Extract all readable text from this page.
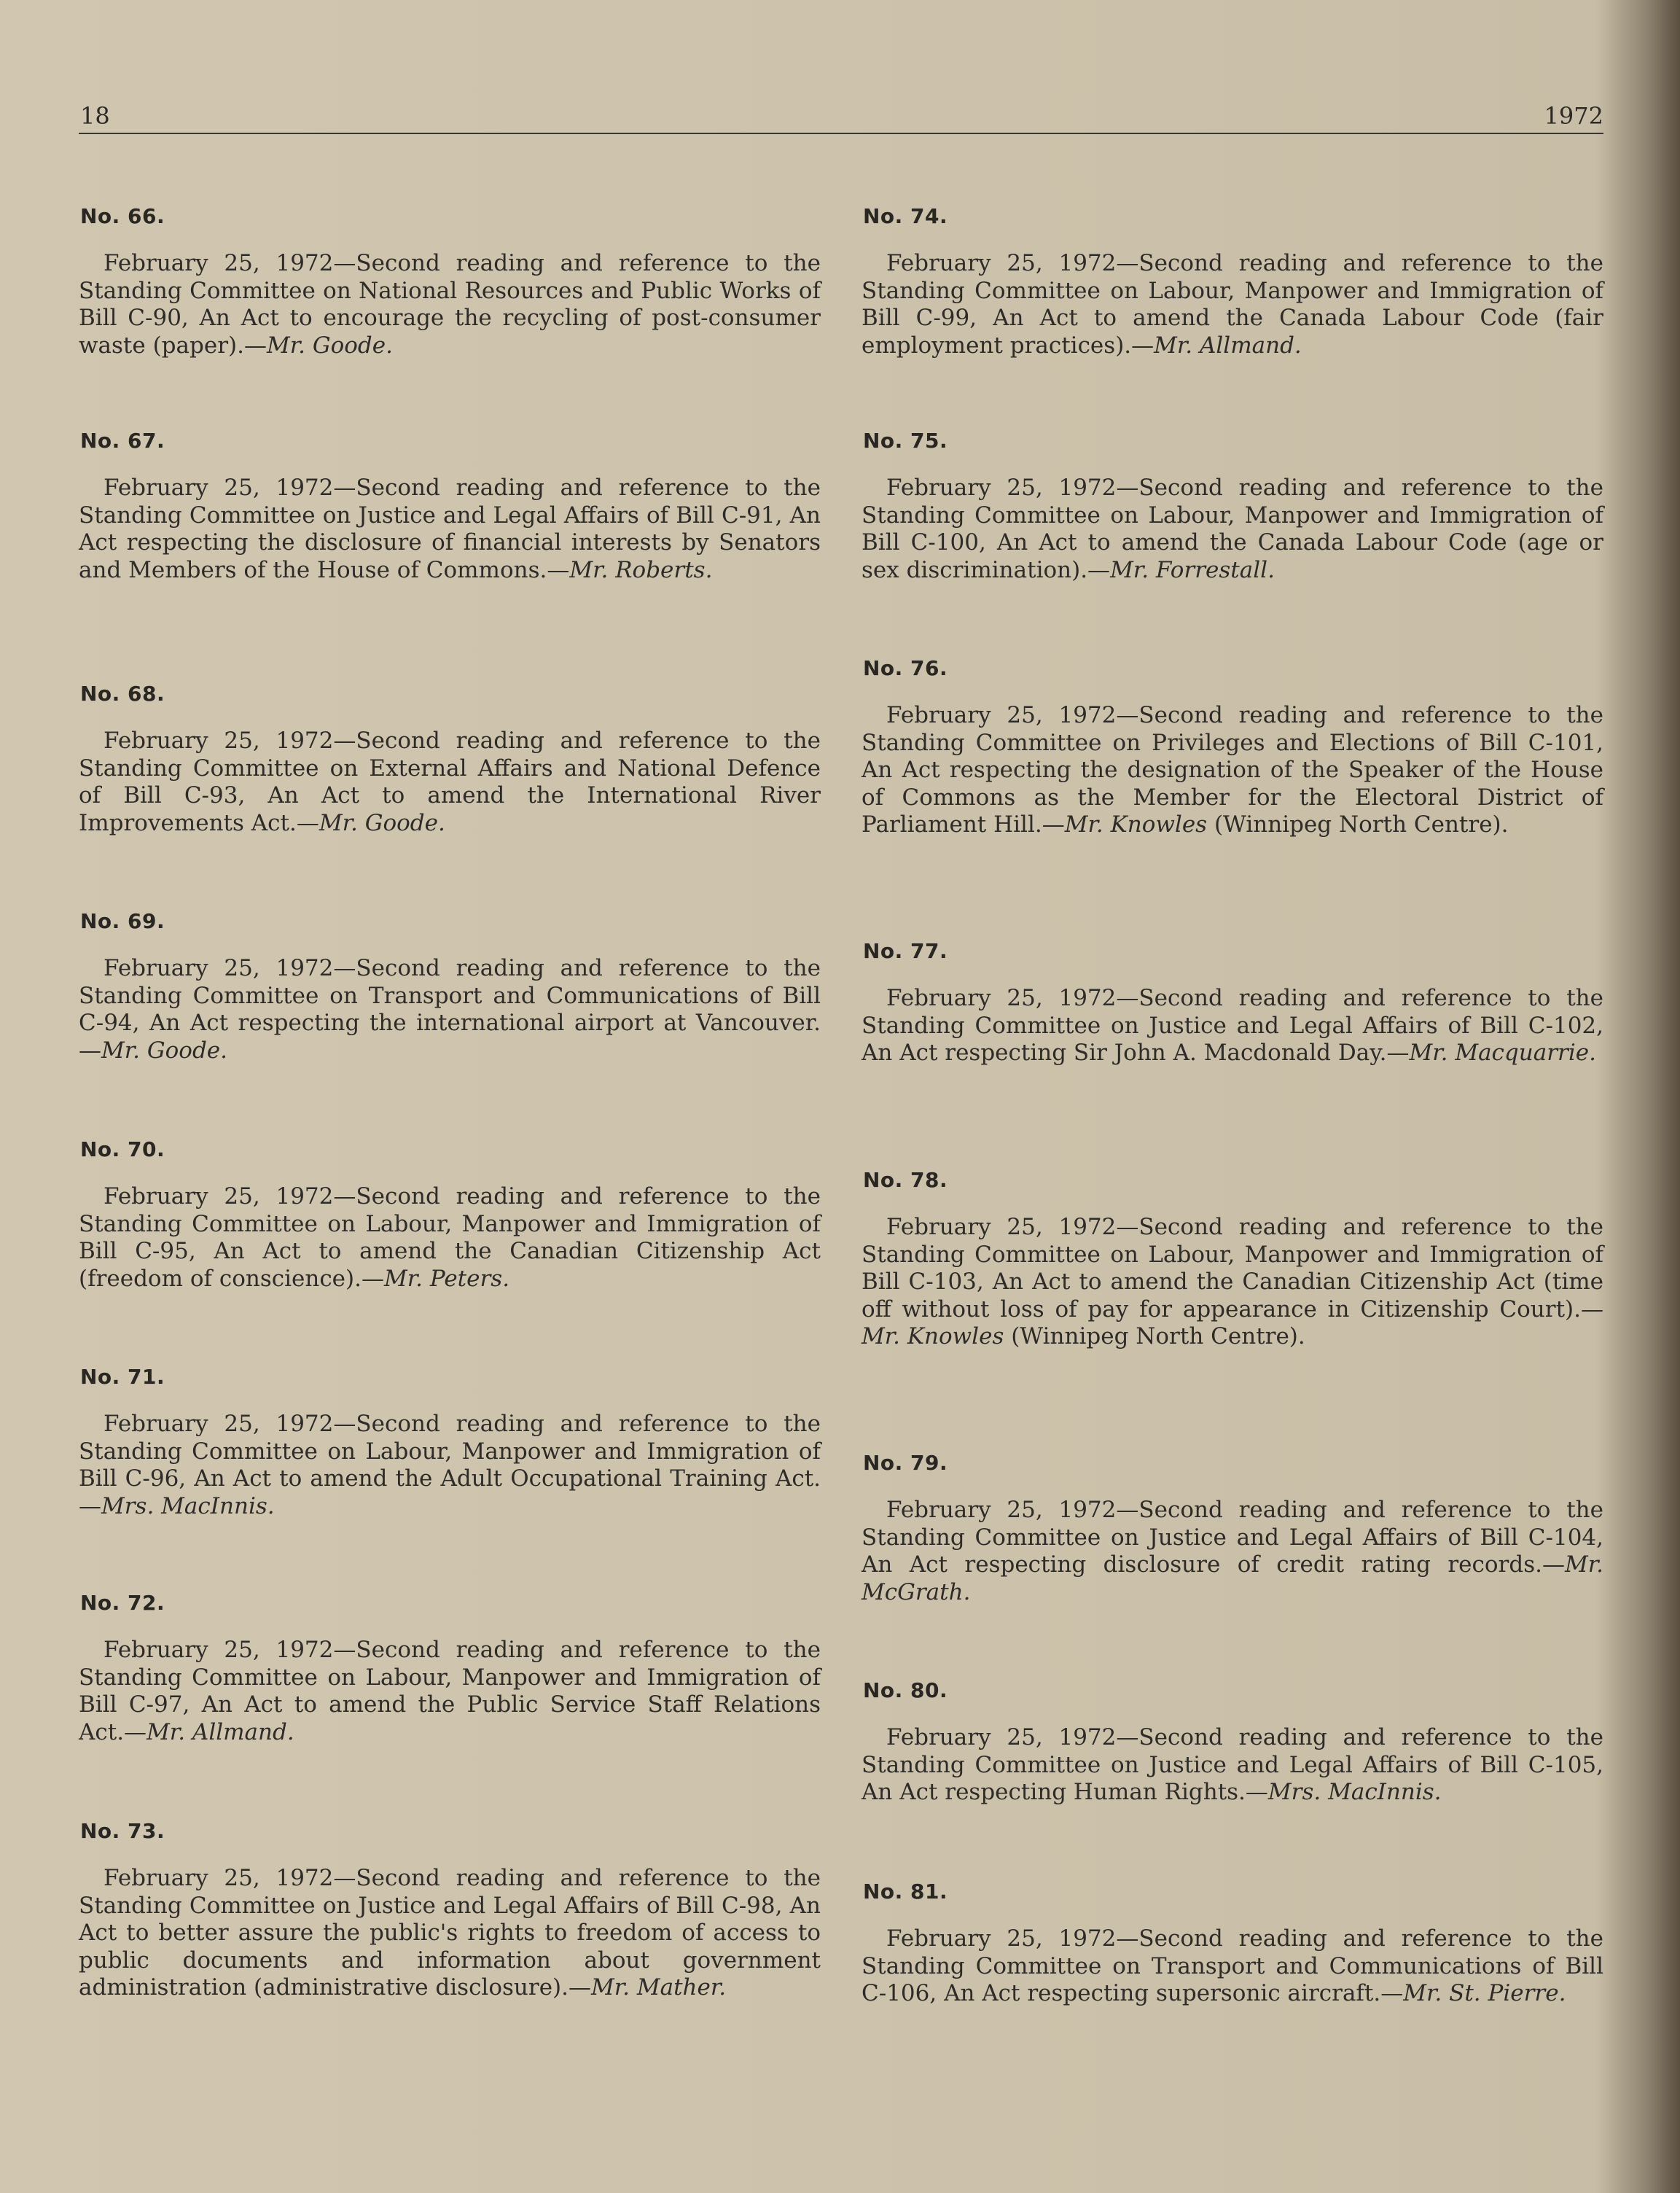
18	1972
No. 66.

February 25, 1972—Second reading and reference to the Standing Committee on National Resources and Public Works of Bill C-90, An Act to encourage the recycling of post-consumer waste (paper).—Mr. Goode.

No. 67.

February 25, 1972—Second reading and reference to the Standing Committee on Justice and Legal Affairs of Bill C-91, An Act respecting the disclosure of financial interests by Senators and Members of the House of Commons.—Mr. Roberts.

No. 68.

February 25, 1972—Second reading and reference to the Standing Committee on External Affairs and National Defence of Bill C-93, An Act to amend the International River Improvements Act.—Mr. Goode.

No. 69.

February 25, 1972—Second reading and reference to the Standing Committee on Transport and Communications of Bill C-94, An Act respecting the international airport at Vancouver.—Mr. Goode.

No. 70.

February 25, 1972—Second reading and reference to the Standing Committee on Labour, Manpower and Immigration of Bill C-95, An Act to amend the Canadian Citizenship Act (freedom of conscience).—Mr. Peters.

No. 71.

February 25, 1972—Second reading and reference to the Standing Committee on Labour, Manpower and Immigration of Bill C-96, An Act to amend the Adult Occupational Training Act.—Mrs. MacInnis.

No. 72.

February 25, 1972—Second reading and reference to the Standing Committee on Labour, Manpower and Immigration of Bill C-97, An Act to amend the Public Service Staff Relations Act.—Mr. Allmand.

No. 73.

February 25, 1972—Second reading and reference to the Standing Committee on Justice and Legal Affairs of Bill C-98, An Act to better assure the public's rights to freedom of access to public documents and information about government administration (administrative disclosure).—Mr. Mather.

No. 74.

February 25, 1972—Second reading and reference to the Standing Committee on Labour, Manpower and Immigration of Bill C-99, An Act to amend the Canada Labour Code (fair employment practices).—Mr. Allmand.

No. 75.

February 25, 1972—Second reading and reference to the Standing Committee on Labour, Manpower and Immigration of Bill C-100, An Act to amend the Canada Labour Code (age or sex discrimination).—Mr. Forrestall.

No. 76.

February 25, 1972—Second reading and reference to the Standing Committee on Privileges and Elections of Bill C-101, An Act respecting the designation of the Speaker of the House of Commons as the Member for the Electoral District of Parliament Hill.—Mr. Knowles (Winnipeg North Centre).

No. 77.

February 25, 1972—Second reading and reference to the Standing Committee on Justice and Legal Affairs of Bill C-102, An Act respecting Sir John A. Macdonald Day.—Mr. Macquarrie.

No. 78.

February 25, 1972—Second reading and reference to the Standing Committee on Labour, Manpower and Immigration of Bill C-103, An Act to amend the Canadian Citizenship Act (time off without loss of pay for appearance in Citizenship Court).—Mr. Knowles (Winnipeg North Centre).

No. 79.

February 25, 1972—Second reading and reference to the Standing Committee on Justice and Legal Affairs of Bill C-104, An Act respecting disclosure of credit rating records.—Mr. McGrath.

No. 80.

February 25, 1972—Second reading and reference to the Standing Committee on Justice and Legal Affairs of Bill C-105, An Act respecting Human Rights.—Mrs. MacInnis.

No. 81.

February 25, 1972—Second reading and reference to the Standing Committee on Transport and Communications of Bill C-106, An Act respecting supersonic aircraft.—Mr. St. Pierre.
